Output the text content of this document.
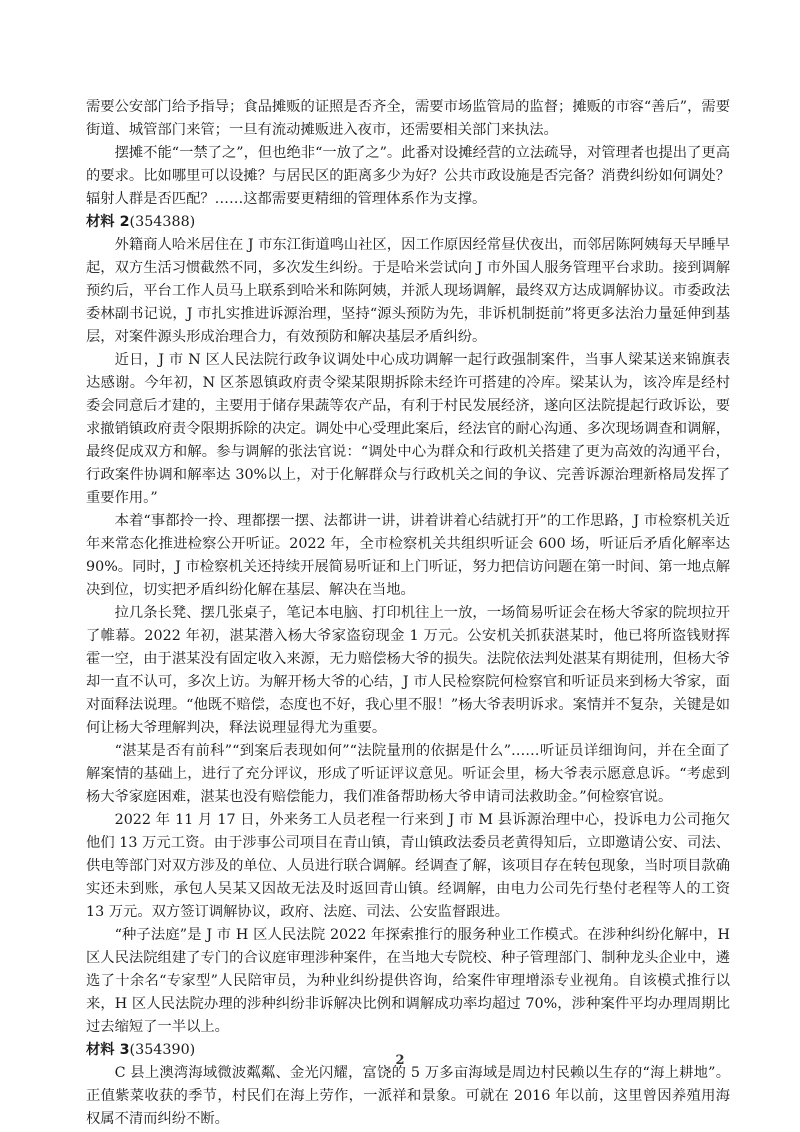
需要公安部门给予指导；食品摊贩的证照是否齐全，需要市场监管局的监督；摊贩的市容“善后”，需要街道、城管部门来管；一旦有流动摊贩进入夜市，还需要相关部门来执法。

摆摊不能“一禁了之”，但也绝非“一放了之”。此番对设摊经营的立法疏导，对管理者也提出了更高的要求。比如哪里可以设摊？与居民区的距离多少为好？公共市政设施是否完备？消费纠纷如何调处？辐射人群是否匹配？……这都需要更精细的管理体系作为支撑。

材料 2(354388)

外籍商人哈米居住在 J 市东江街道鸣山社区，因工作原因经常昼伏夜出，而邻居陈阿姨每天早睡早起，双方生活习惯截然不同，多次发生纠纷。于是哈米尝试向 J 市外国人服务管理平台求助。接到调解预约后，平台工作人员马上联系到哈米和陈阿姨，并派人现场调解，最终双方达成调解协议。市委政法委林副书记说，J 市扎实推进诉源治理，坚持“源头预防为先，非诉机制挺前”将更多法治力量延伸到基层，对案件源头形成治理合力，有效预防和解决基层矛盾纠纷。

近日，J 市 N 区人民法院行政争议调处中心成功调解一起行政强制案件，当事人梁某送来锦旗表达感谢。今年初，N 区茶恩镇政府责令梁某限期拆除未经许可搭建的冷库。梁某认为，该冷库是经村委会同意后才建的，主要用于储存果蔬等农产品，有利于村民发展经济，遂向区法院提起行政诉讼，要求撤销镇政府责令限期拆除的决定。调处中心受理此案后，经法官的耐心沟通、多次现场调查和调解，最终促成双方和解。参与调解的张法官说：“调处中心为群众和行政机关搭建了更为高效的沟通平台，行政案件协调和解率达 30%以上，对于化解群众与行政机关之间的争议、完善诉源治理新格局发挥了重要作用。”

本着“事都拎一拎、理都摆一摆、法都讲一讲，讲着讲着心结就打开”的工作思路，J 市检察机关近年来常态化推进检察公开听证。2022 年，全市检察机关共组织听证会 600 场，听证后矛盾化解率达 90%。同时，J 市检察机关还持续开展简易听证和上门听证，努力把信访问题在第一时间、第一地点解决到位，切实把矛盾纠纷化解在基层、解决在当地。

拉几条长凳、摆几张桌子，笔记本电脑、打印机往上一放，一场简易听证会在杨大爷家的院坝拉开了帷幕。2022 年初，湛某潜入杨大爷家盗窃现金 1 万元。公安机关抓获湛某时，他已将所盗钱财挥霍一空，由于湛某没有固定收入来源，无力赔偿杨大爷的损失。法院依法判处湛某有期徒刑，但杨大爷却一直不认可，多次上访。为解开杨大爷的心结，J 市人民检察院何检察官和听证员来到杨大爷家，面对面释法说理。“他既不赔偿，态度也不好，我心里不服！”杨大爷表明诉求。案情并不复杂，关键是如何让杨大爷理解判决，释法说理显得尤为重要。

“湛某是否有前科”“到案后表现如何”“法院量刑的依据是什么”……听证员详细询问，并在全面了解案情的基础上，进行了充分评议，形成了听证评议意见。听证会里，杨大爷表示愿意息诉。“考虑到杨大爷家庭困难，湛某也没有赔偿能力，我们准备帮助杨大爷申请司法救助金。”何检察官说。

2022 年 11 月 17 日，外来务工人员老程一行来到 J 市 M 县诉源治理中心，投诉电力公司拖欠他们 13 万元工资。由于涉事公司项目在青山镇，青山镇政法委员老黄得知后，立即邀请公安、司法、供电等部门对双方涉及的单位、人员进行联合调解。经调查了解，该项目存在转包现象，当时项目款确实还未到账，承包人吴某又因故无法及时返回青山镇。经调解，由电力公司先行垫付老程等人的工资 13 万元。双方签订调解协议，政府、法庭、司法、公安监督跟进。

“种子法庭”是 J 市 H 区人民法院 2022 年探索推行的服务种业工作模式。在涉种纠纷化解中，H 区人民法院组建了专门的合议庭审理涉种案件，在当地大专院校、种子管理部门、制种龙头企业中，遴选了十余名“专家型”人民陪审员，为种业纠纷提供咨询，给案件审理增添专业视角。自该模式推行以来，H 区人民法院办理的涉种纠纷非诉解决比例和调解成功率均超过 70%，涉种案件平均办理周期比过去缩短了一半以上。

材料 3(354390)

C 县上澳湾海域微波粼粼、金光闪耀，富饶的 5 万多亩海域是周边村民赖以生存的“海上耕地”。正值紫菜收获的季节，村民们在海上劳作，一派祥和景象。可就在 2016 年以前，这里曾因养殖用海权属不清而纠纷不断。

2
